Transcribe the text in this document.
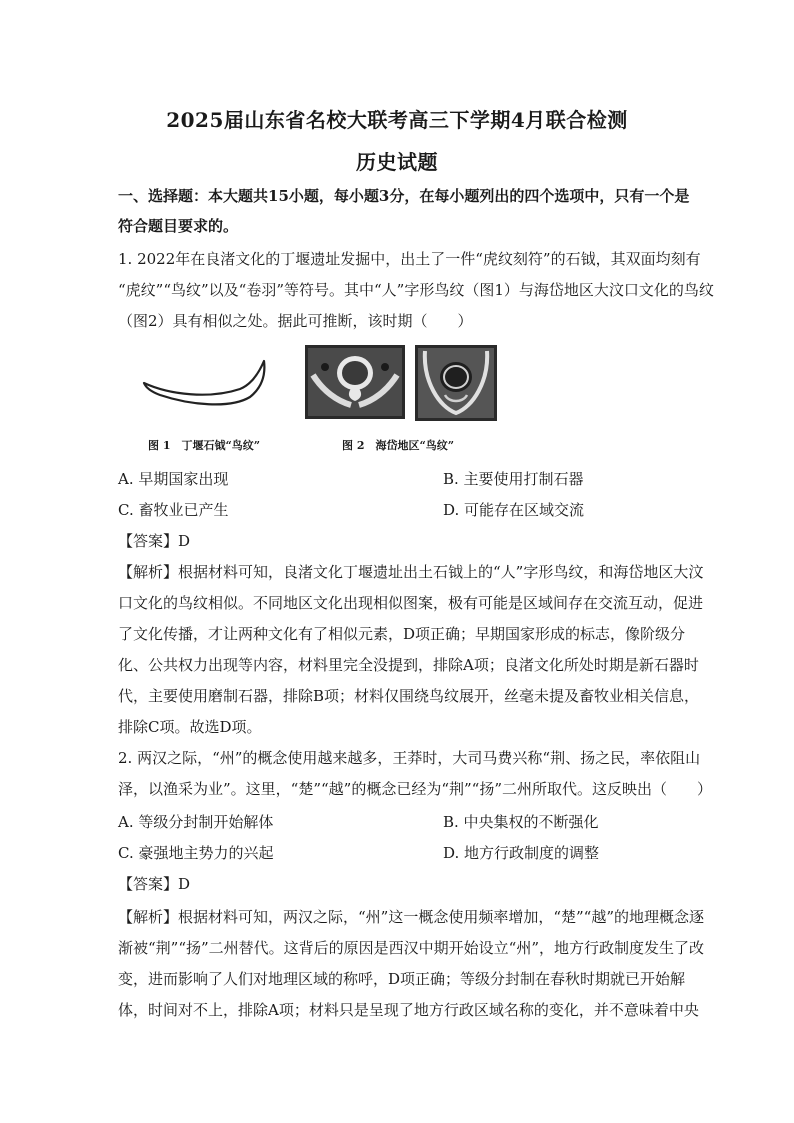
2025届山东省名校大联考高三下学期4月联合检测
历史试题
一、选择题：本大题共15小题，每小题3分，在每小题列出的四个选项中，只有一个是
符合题目要求的。
1. 2022年在良渚文化的丁堰遗址发掘中，出土了一件“虎纹刻符”的石钺，其双面均刻有
“虎纹”“鸟纹”以及“卷羽”等符号。其中“人”字形鸟纹（图1）与海岱地区大汶口文化的鸟纹
（图2）具有相似之处。据此可推断，该时期（　　）
图 1　丁堰石钺“鸟纹”	图 2　海岱地区“鸟纹”
A. 早期国家出现	B. 主要使用打制石器
C. 畜牧业已产生	D. 可能存在区域交流
【答案】D
【解析】根据材料可知，良渚文化丁堰遗址出土石钺上的“人”字形鸟纹，和海岱地区大汶
口文化的鸟纹相似。不同地区文化出现相似图案，极有可能是区域间存在交流互动，促进
了文化传播，才让两种文化有了相似元素，D项正确；早期国家形成的标志，像阶级分
化、公共权力出现等内容，材料里完全没提到，排除A项；良渚文化所处时期是新石器时
代，主要使用磨制石器，排除B项；材料仅围绕鸟纹展开，丝毫未提及畜牧业相关信息，
排除C项。故选D项。
2. 两汉之际，“州”的概念使用越来越多，王莽时，大司马费兴称“荆、扬之民，率依阻山
泽，以渔采为业”。这里，“楚”“越”的概念已经为“荆”“扬”二州所取代。这反映出（　　）
A. 等级分封制开始解体	B. 中央集权的不断强化
C. 豪强地主势力的兴起	D. 地方行政制度的调整
【答案】D
【解析】根据材料可知，两汉之际，“州”这一概念使用频率增加，“楚”“越”的地理概念逐
渐被“荆”“扬”二州替代。这背后的原因是西汉中期开始设立“州”，地方行政制度发生了改
变，进而影响了人们对地理区域的称呼，D项正确；等级分封制在春秋时期就已开始解
体，时间对不上，排除A项；材料只是呈现了地方行政区域名称的变化，并不意味着中央
